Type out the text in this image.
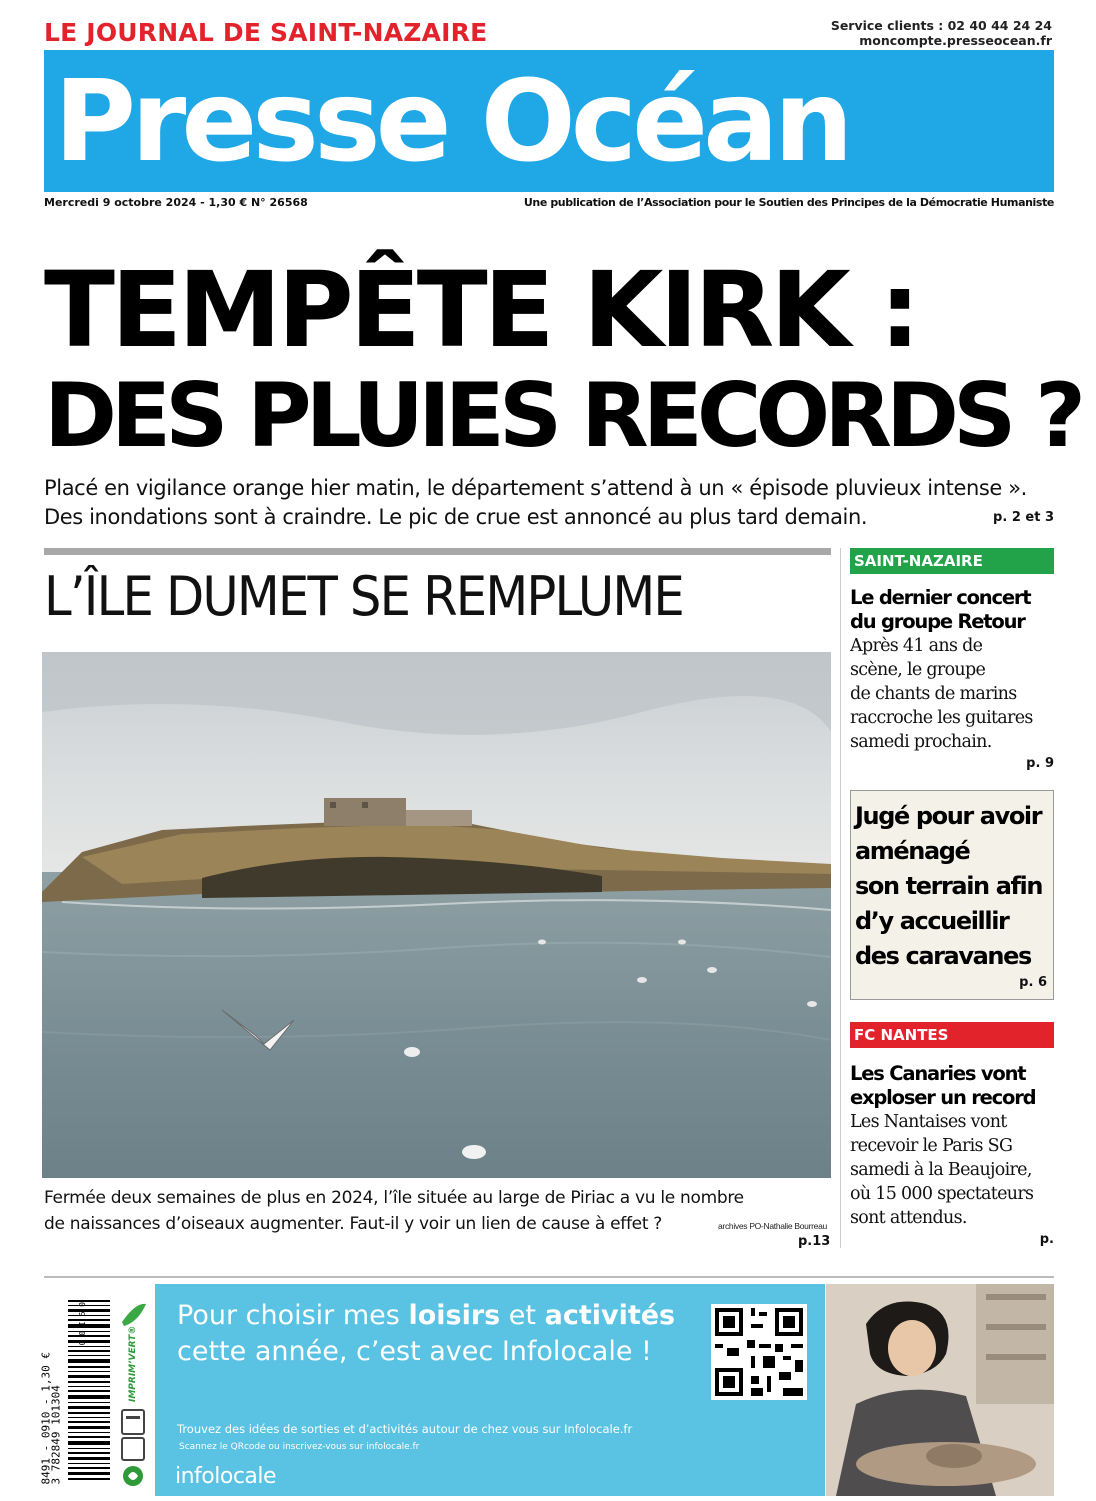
LE JOURNAL DE SAINT-NAZAIRE	Service clients : 02 40 44 24 24
moncompte.presseocean.fr
Presse Océan
Mercredi 9 octobre 2024 - 1,30 € N° 26568	Une publication de l’Association pour le Soutien des Principes de la Démocratie Humaniste
TEMPÊTE KIRK :
DES PLUIES RECORDS ?
Placé en vigilance orange hier matin, le département s’attend à un « épisode pluvieux intense ».
Des inondations sont à craindre. Le pic de crue est annoncé au plus tard demain.	p. 2 et 3
L’ÎLE DUMET SE REMPLUME
Fermée deux semaines de plus en 2024, l’île située au large de Piriac a vu le nombre
de naissances d’oiseaux augmenter. Faut-il y voir un lien de cause à effet ?	archives PO-Nathalie Bourreau
p.13
SAINT-NAZAIRE
Le dernier concert
du groupe Retour
Après 41 ans de
scène, le groupe
de chants de marins
raccroche les guitares
samedi prochain.
p. 9
Jugé pour avoir
aménagé
son terrain afin
d’y accueillir
des caravanes
p. 6
FC NANTES
Les Canaries vont
exploser un record
Les Nantaises vont
recevoir le Paris SG
samedi à la Beaujoire,
où 15 000 spectateurs
sont attendus.
p.
3 782849 101304
8491 - 0910 - 1,30 €
0 9 1 0 0
IMPRIM’VERT®
Pour choisir mes loisirs et activités
cette année, c’est avec Infolocale !
Trouvez des idées de sorties et d’activités autour de chez vous sur Infolocale.fr
Scannez le QRcode ou inscrivez-vous sur infolocale.fr
infolocale
